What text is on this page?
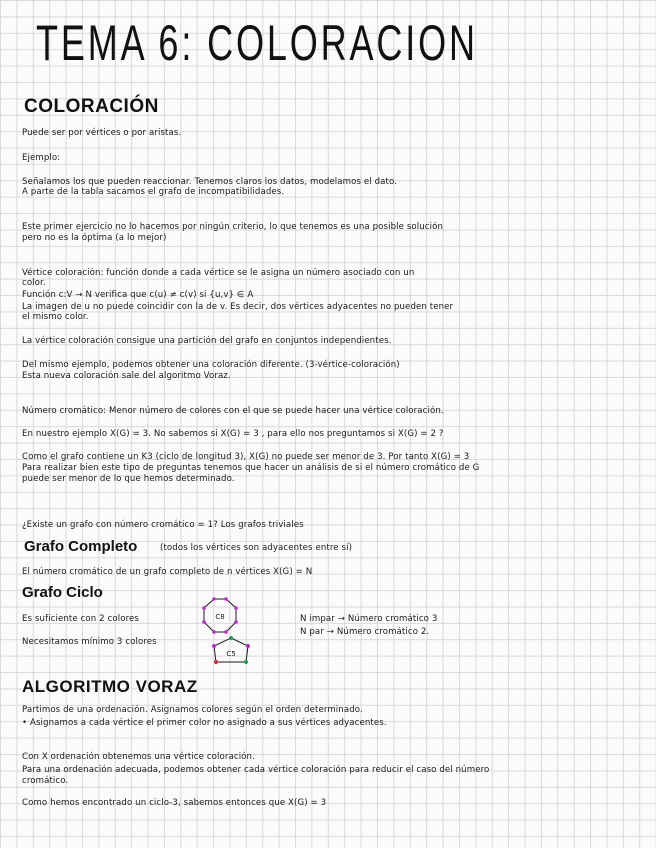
TEMA 6: COLORACION
COLORACIÓN
Puede ser por vértices o por aristas.
Ejemplo:
Señalamos los que pueden reaccionar. Tenemos claros los datos, modelamos el dato.
A parte de la tabla sacamos el grafo de incompatibilidades.
Este primer ejercicio no lo hacemos por ningún criterio, lo que tenemos es una posible solución
pero no es la óptima (a lo mejor)
Vértice coloración: función donde a cada vértice se le asigna un número asociado con un
color.
Función c:V → N verifica que c(u) ≠ c(v) si {u,v} ∈ A
La imagen de u no puede coincidir con la de v. Es decir, dos vértices adyacentes no pueden tener
el mismo color.
La vértice coloración consigue una partición del grafo en conjuntos independientes.
Del mismo ejemplo, podemos obtener una coloración diferente. (3-vértice-coloración)
Esta nueva coloración sale del algoritmo Voraz.
Número cromático: Menor número de colores con el que se puede hacer una vértice coloración.
En nuestro ejemplo X(G) = 3. No sabemos si X(G) = 3 , para ello nos preguntamos si X(G) = 2 ?
Como el grafo contiene un K3 (ciclo de longitud 3), X(G) no puede ser menor de 3. Por tanto X(G) = 3
Para realizar bien este tipo de preguntas tenemos que hacer un análisis de si el número cromático de G
puede ser menor de lo que hemos determinado.
¿Existe un grafo con número cromático = 1? Los grafos triviales
Grafo Completo	(todos los vértices son adyacentes entre sí)
El número cromático de un grafo completo de n vértices X(G) = N
Grafo Ciclo
Es suficiente con 2 colores
Necesitamos mínimo 3 colores
C8
C5
N impar → Número cromático 3
N par → Número cromático 2.
ALGORITMO VORAZ
Partimos de una ordenación. Asignamos colores según el orden determinado.
• Asignamos a cada vértice el primer color no asignado a sus vértices adyacentes.
Con X ordenación obtenemos una vértice coloración.
Para una ordenación adecuada, podemos obtener cada vértice coloración para reducir el caso del número
cromático.
Como hemos encontrado un ciclo-3, sabemos entonces que X(G) = 3
